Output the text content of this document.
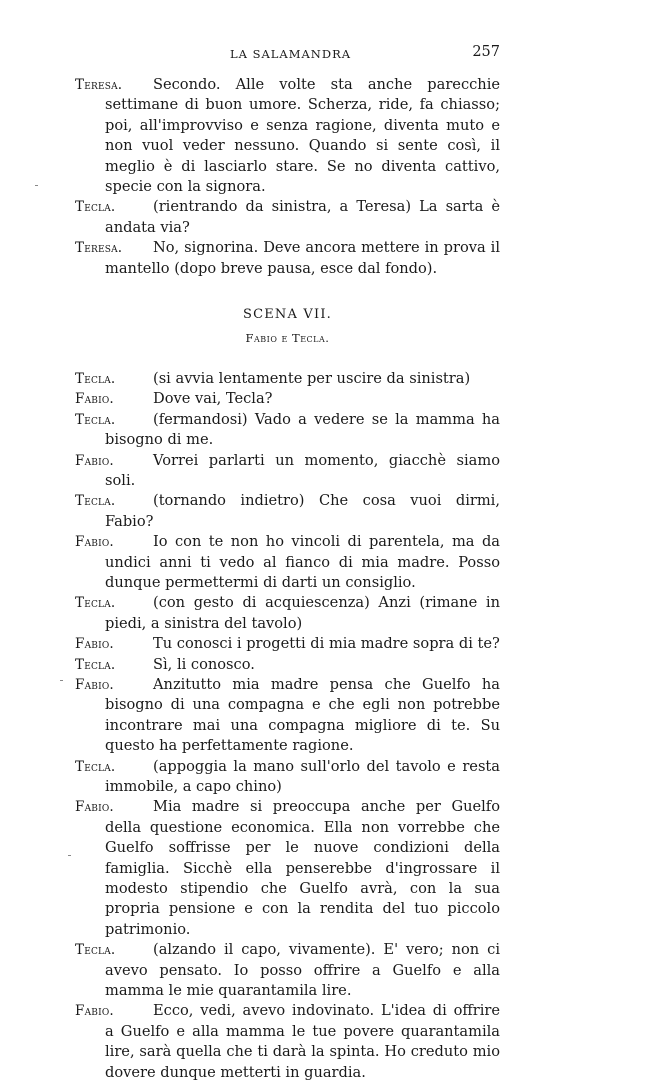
LA SALAMANDRA	257

Teresa.	Secondo. Alle volte sta anche parecchie settimane di buon umore. Scherza, ride, fa chiasso; poi, all'improvviso e senza ragione, diventa muto e non vuol veder nessuno. Quando si sente così, il meglio è di lasciarlo stare. Se no diventa cattivo, specie con la signora.

Tecla.	(rientrando da sinistra, a Teresa) La sarta è andata via?

Teresa.	No, signorina. Deve ancora mettere in prova il mantello (dopo breve pausa, esce dal fondo).

SCENA VII.
Fabio e Tecla.

Tecla.	(si avvia lentamente per uscire da sinistra)

Fabio.	Dove vai, Tecla?

Tecla.	(fermandosi) Vado a vedere se la mamma ha bisogno di me.

Fabio.	Vorrei parlarti un momento, giacchè siamo soli.

Tecla.	(tornando indietro) Che cosa vuoi dirmi, Fabio?

Fabio.	Io con te non ho vincoli di parentela, ma da undici anni ti vedo al fianco di mia madre. Posso dunque permettermi di darti un consiglio.

Tecla.	(con gesto di acquiescenza) Anzi (rimane in piedi, a sinistra del tavolo)

Fabio.	Tu conosci i progetti di mia madre sopra di te?

Tecla.	Sì, li conosco.

Fabio.	Anzitutto mia madre pensa che Guelfo ha bisogno di una compagna e che egli non potrebbe incontrare mai una compagna migliore di te. Su questo ha perfettamente ragione.

Tecla.	(appoggia la mano sull'orlo del tavolo e resta immobile, a capo chino)

Fabio.	Mia madre si preoccupa anche per Guelfo della questione economica. Ella non vorrebbe che Guelfo soffrisse per le nuove condizioni della famiglia. Sicchè ella penserebbe d'ingrossare il modesto stipendio che Guelfo avrà, con la sua propria pensione e con la rendita del tuo piccolo patrimonio.

Tecla.	(alzando il capo, vivamente). E' vero; non ci avevo pensato. Io posso offrire a Guelfo e alla mamma le mie quarantamila lire.

Fabio.	Ecco, vedi, avevo indovinato. L'idea di offrire a Guelfo e alla mamma le tue povere quarantamila lire, sarà quella che ti darà la spinta. Ho creduto mio dovere dunque metterti in guardia.
